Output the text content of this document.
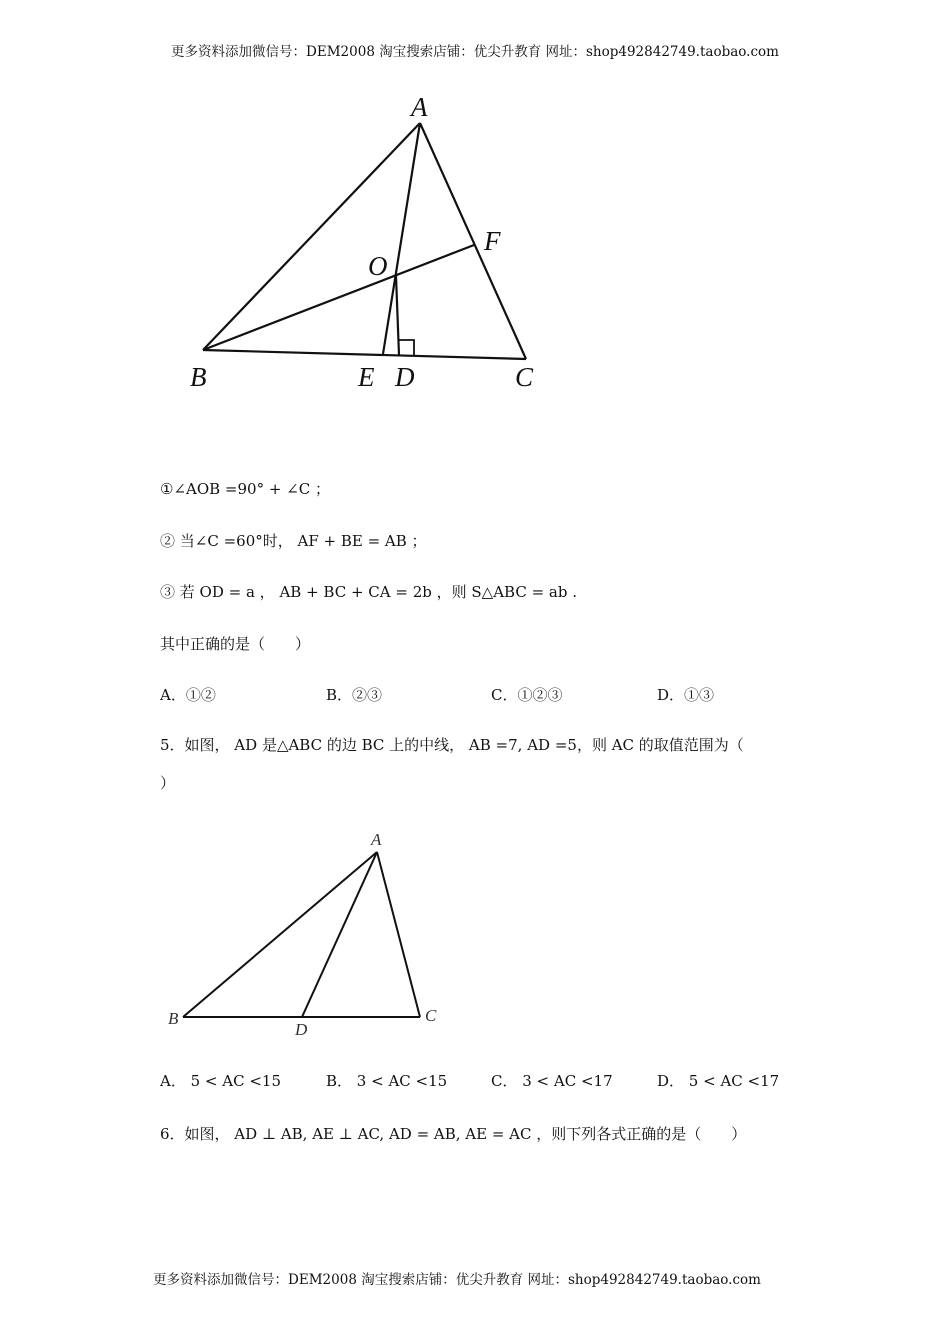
更多资料添加微信号：DEM2008 淘宝搜索店铺：优尖升教育 网址：shop492842749.taobao.com
A
F
O
B	E D	C
①∠AOB =90° + ∠C ；
② 当∠C =60°时， AF + BE = AB ；
③ 若 OD = a ， AB + BC + CA = 2b ，则 S△ABC = ab .
其中正确的是（　　）
A．①②	B．②③	C．①②③	D．①③
5．如图， AD 是△ABC 的边 BC 上的中线， AB =7, AD =5，则 AC 的取值范围为（
）
A
B
D
C
A． 5 < AC <15	B． 3 < AC <15	C． 3 < AC <17	D． 5 < AC <17
6．如图， AD ⊥ AB, AE ⊥ AC, AD = AB, AE = AC ，则下列各式正确的是（　　）
更多资料添加微信号：DEM2008 淘宝搜索店铺：优尖升教育 网址：shop492842749.taobao.com
